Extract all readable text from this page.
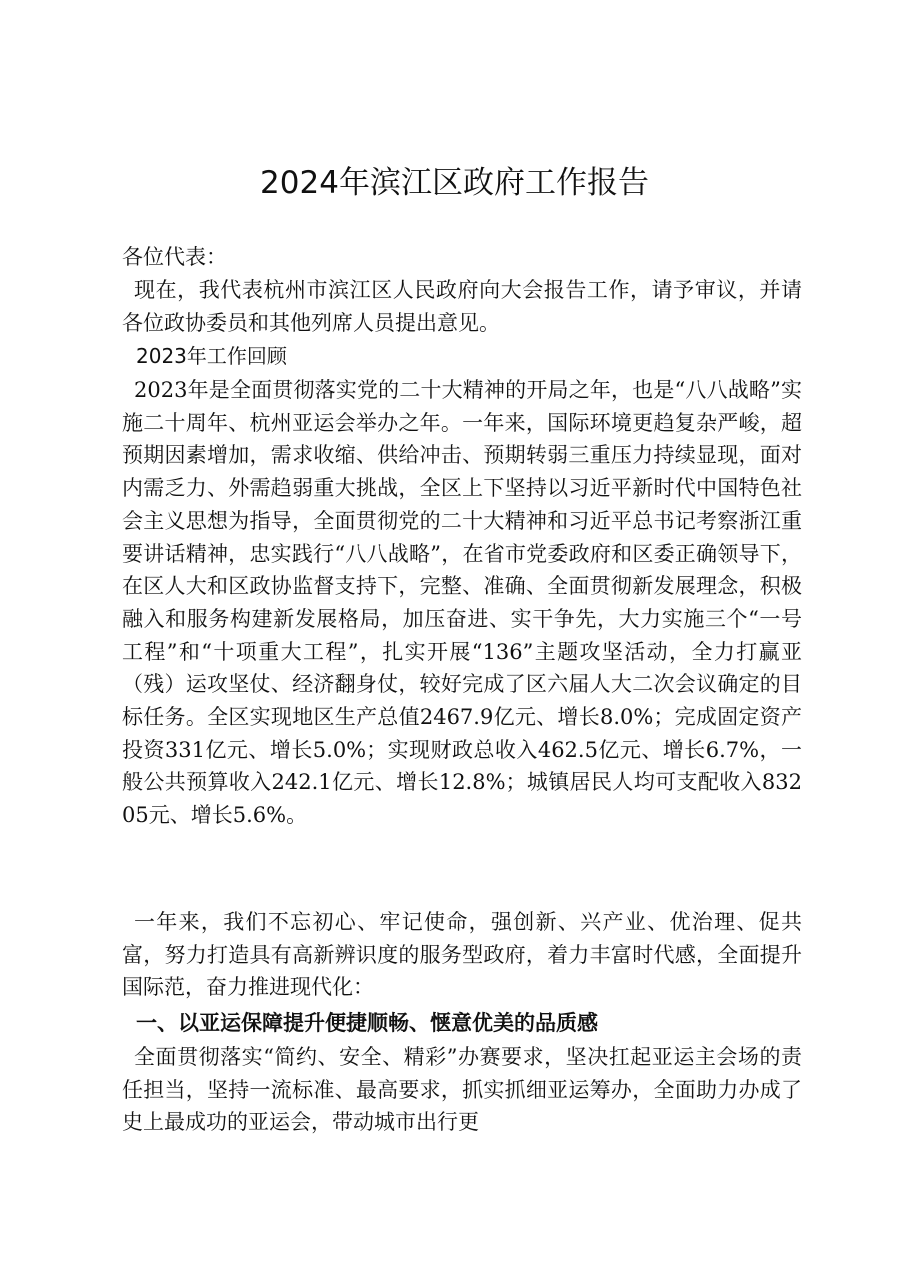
2024年滨江区政府工作报告
各位代表：

现在，我代表杭州市滨江区人民政府向大会报告工作，请予审议，并请各位政协委员和其他列席人员提出意见。

2023年工作回顾

2023年是全面贯彻落实党的二十大精神的开局之年，也是“八八战略”实施二十周年、杭州亚运会举办之年。一年来，国际环境更趋复杂严峻，超预期因素增加，需求收缩、供给冲击、预期转弱三重压力持续显现，面对内需乏力、外需趋弱重大挑战，全区上下坚持以习近平新时代中国特色社会主义思想为指导，全面贯彻党的二十大精神和习近平总书记考察浙江重要讲话精神，忠实践行“八八战略”，在省市党委政府和区委正确领导下，在区人大和区政协监督支持下，完整、准确、全面贯彻新发展理念，积极融入和服务构建新发展格局，加压奋进、实干争先，大力实施三个“一号工程”和“十项重大工程”，扎实开展“136”主题攻坚活动，全力打赢亚（残）运攻坚仗、经济翻身仗，较好完成了区六届人大二次会议确定的目标任务。全区实现地区生产总值2467.9亿元、增长8.0%；完成固定资产投资331亿元、增长5.0%；实现财政总收入462.5亿元、增长6.7%，一般公共预算收入242.1亿元、增长12.8%；城镇居民人均可支配收入83205元、增长5.6%。

一年来，我们不忘初心、牢记使命，强创新、兴产业、优治理、促共富，努力打造具有高新辨识度的服务型政府，着力丰富时代感，全面提升国际范，奋力推进现代化：

一、以亚运保障提升便捷顺畅、惬意优美的品质感

全面贯彻落实“简约、安全、精彩”办赛要求，坚决扛起亚运主会场的责任担当，坚持一流标准、最高要求，抓实抓细亚运筹办，全面助力办成了史上最成功的亚运会，带动城市出行更
